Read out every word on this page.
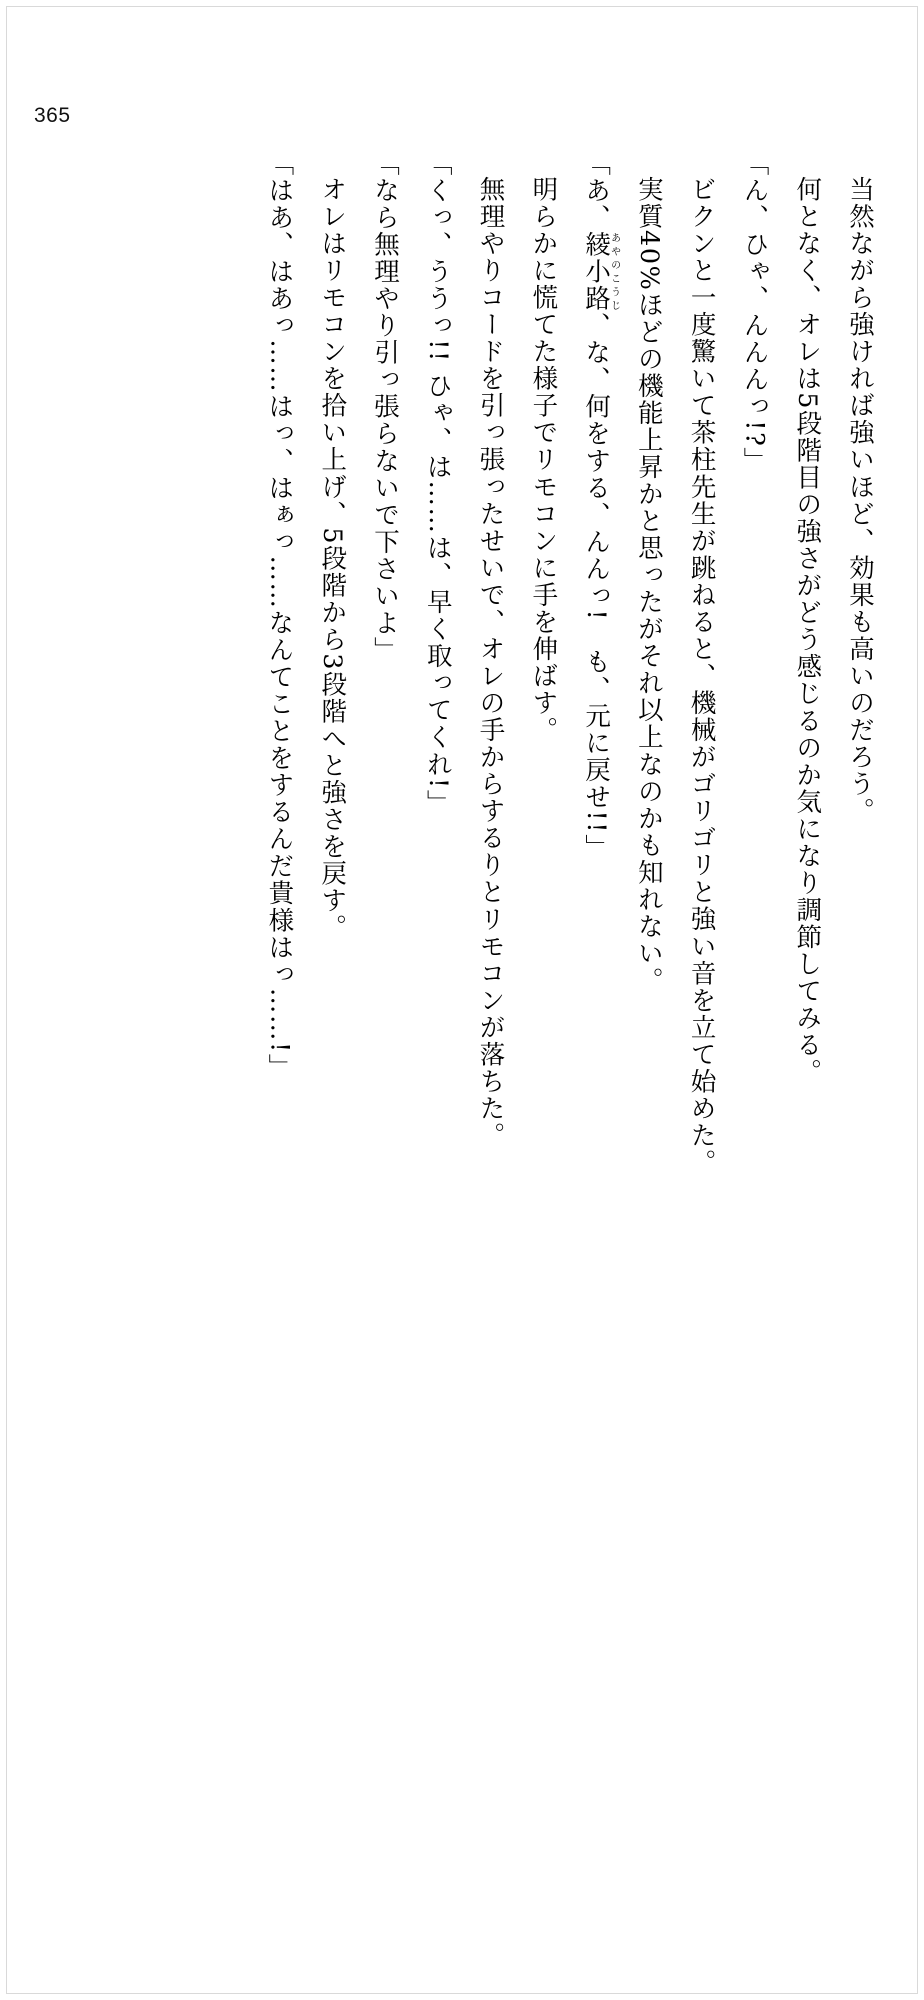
365

当然ながら強ければ強いほど、効果も高いのだろう。

何となく、オレは5段階目の強さがどう感じるのか気になり調節してみる。

「ん、ひゃ、んんんっ!?」

ビクンと一度驚いて茶柱先生が跳ねると、機械がゴリゴリと強い音を立て始めた。

実質40%ほどの機能上昇かと思ったがそれ以上なのかも知れない。

「あ、綾小路あやのこうじ、な、何をする、んんっ!　も、元に戻せ!!」

明らかに慌てた様子でリモコンに手を伸ばす。

無理やりコードを引っ張ったせいで、オレの手からするりとリモコンが落ちた。

「くっ、ううっ!! ひゃ、は……は、早く取ってくれ!」

「なら無理やり引っ張らないで下さいよ」

オレはリモコンを拾い上げ、5段階から3段階へと強さを戻す。

「はあ、はあっ……はっ、はぁっ……なんてことをするんだ貴様はっ……!」
